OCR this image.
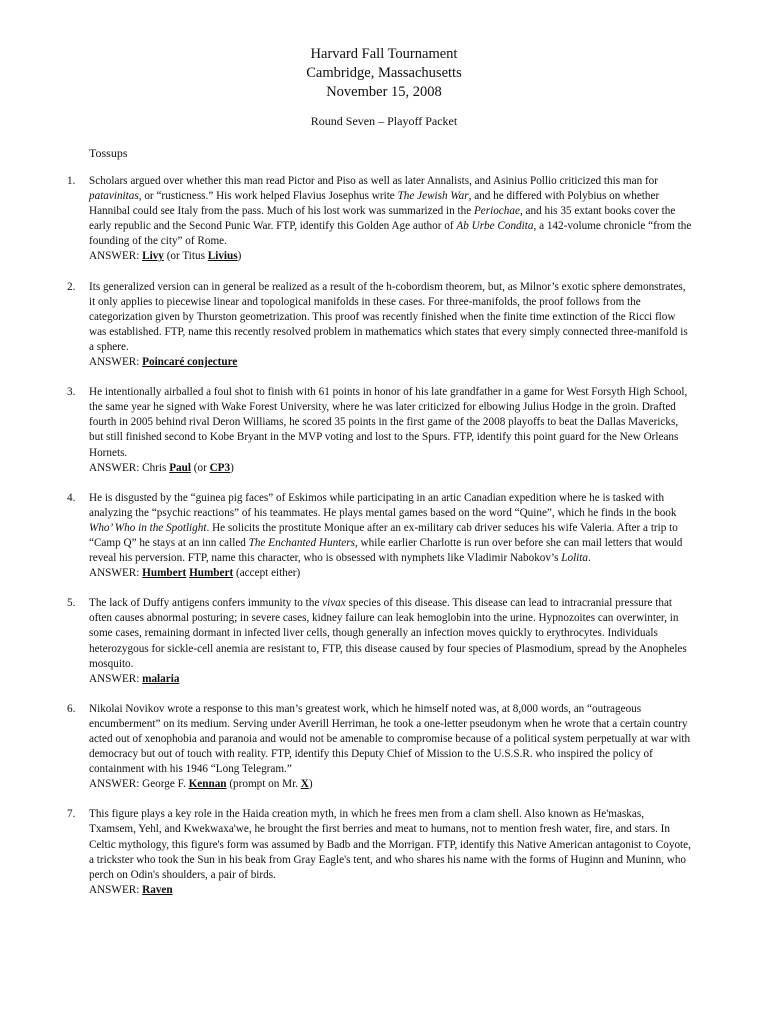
Harvard Fall Tournament
Cambridge, Massachusetts
November 15, 2008
Round Seven – Playoff Packet
Tossups
1. Scholars argued over whether this man read Pictor and Piso as well as later Annalists, and Asinius Pollio criticized this man for patavinitas, or “rusticness.” His work helped Flavius Josephus write The Jewish War, and he differed with Polybius on whether Hannibal could see Italy from the pass. Much of his lost work was summarized in the Periochae, and his 35 extant books cover the early republic and the Second Punic War. FTP, identify this Golden Age author of Ab Urbe Condita, a 142-volume chronicle “from the founding of the city” of Rome.
ANSWER: Livy (or Titus Livius)
2. Its generalized version can in general be realized as a result of the h-cobordism theorem, but, as Milnor’s exotic sphere demonstrates, it only applies to piecewise linear and topological manifolds in these cases. For three-manifolds, the proof follows from the categorization given by Thurston geometrization. This proof was recently finished when the finite time extinction of the Ricci flow was established. FTP, name this recently resolved problem in mathematics which states that every simply connected three-manifold is a sphere.
ANSWER: Poincaré conjecture
3. He intentionally airballed a foul shot to finish with 61 points in honor of his late grandfather in a game for West Forsyth High School, the same year he signed with Wake Forest University, where he was later criticized for elbowing Julius Hodge in the groin. Drafted fourth in 2005 behind rival Deron Williams, he scored 35 points in the first game of the 2008 playoffs to beat the Dallas Mavericks, but still finished second to Kobe Bryant in the MVP voting and lost to the Spurs. FTP, identify this point guard for the New Orleans Hornets.
ANSWER: Chris Paul (or CP3)
4. He is disgusted by the “guinea pig faces” of Eskimos while participating in an artic Canadian expedition where he is tasked with analyzing the “psychic reactions” of his teammates. He plays mental games based on the word “Quine”, which he finds in the book Who’ Who in the Spotlight. He solicits the prostitute Monique after an ex-military cab driver seduces his wife Valeria. After a trip to “Camp Q” he stays at an inn called The Enchanted Hunters, while earlier Charlotte is run over before she can mail letters that would reveal his perversion. FTP, name this character, who is obsessed with nymphets like Vladimir Nabokov’s Lolita.
ANSWER: Humbert Humbert (accept either)
5. The lack of Duffy antigens confers immunity to the vivax species of this disease. This disease can lead to intracranial pressure that often causes abnormal posturing; in severe cases, kidney failure can leak hemoglobin into the urine. Hypnozoites can overwinter, in some cases, remaining dormant in infected liver cells, though generally an infection moves quickly to erythrocytes. Individuals heterozygous for sickle-cell anemia are resistant to, FTP, this disease caused by four species of Plasmodium, spread by the Anopheles mosquito.
ANSWER: malaria
6. Nikolai Novikov wrote a response to this man’s greatest work, which he himself noted was, at 8,000 words, an “outrageous encumberment” on its medium. Serving under Averill Herriman, he took a one-letter pseudonym when he wrote that a certain country acted out of xenophobia and paranoia and would not be amenable to compromise because of a political system perpetually at war with democracy but out of touch with reality. FTP, identify this Deputy Chief of Mission to the U.S.S.R. who inspired the policy of containment with his 1946 “Long Telegram.”
ANSWER: George F. Kennan (prompt on Mr. X)
7. This figure plays a key role in the Haida creation myth, in which he frees men from a clam shell. Also known as He'maskas, Txamsem, Yehl, and Kwekwaxa'we, he brought the first berries and meat to humans, not to mention fresh water, fire, and stars. In Celtic mythology, this figure's form was assumed by Badb and the Morrigan. FTP, identify this Native American antagonist to Coyote, a trickster who took the Sun in his beak from Gray Eagle's tent, and who shares his name with the forms of Huginn and Muninn, who perch on Odin's shoulders, a pair of birds.
ANSWER: Raven
